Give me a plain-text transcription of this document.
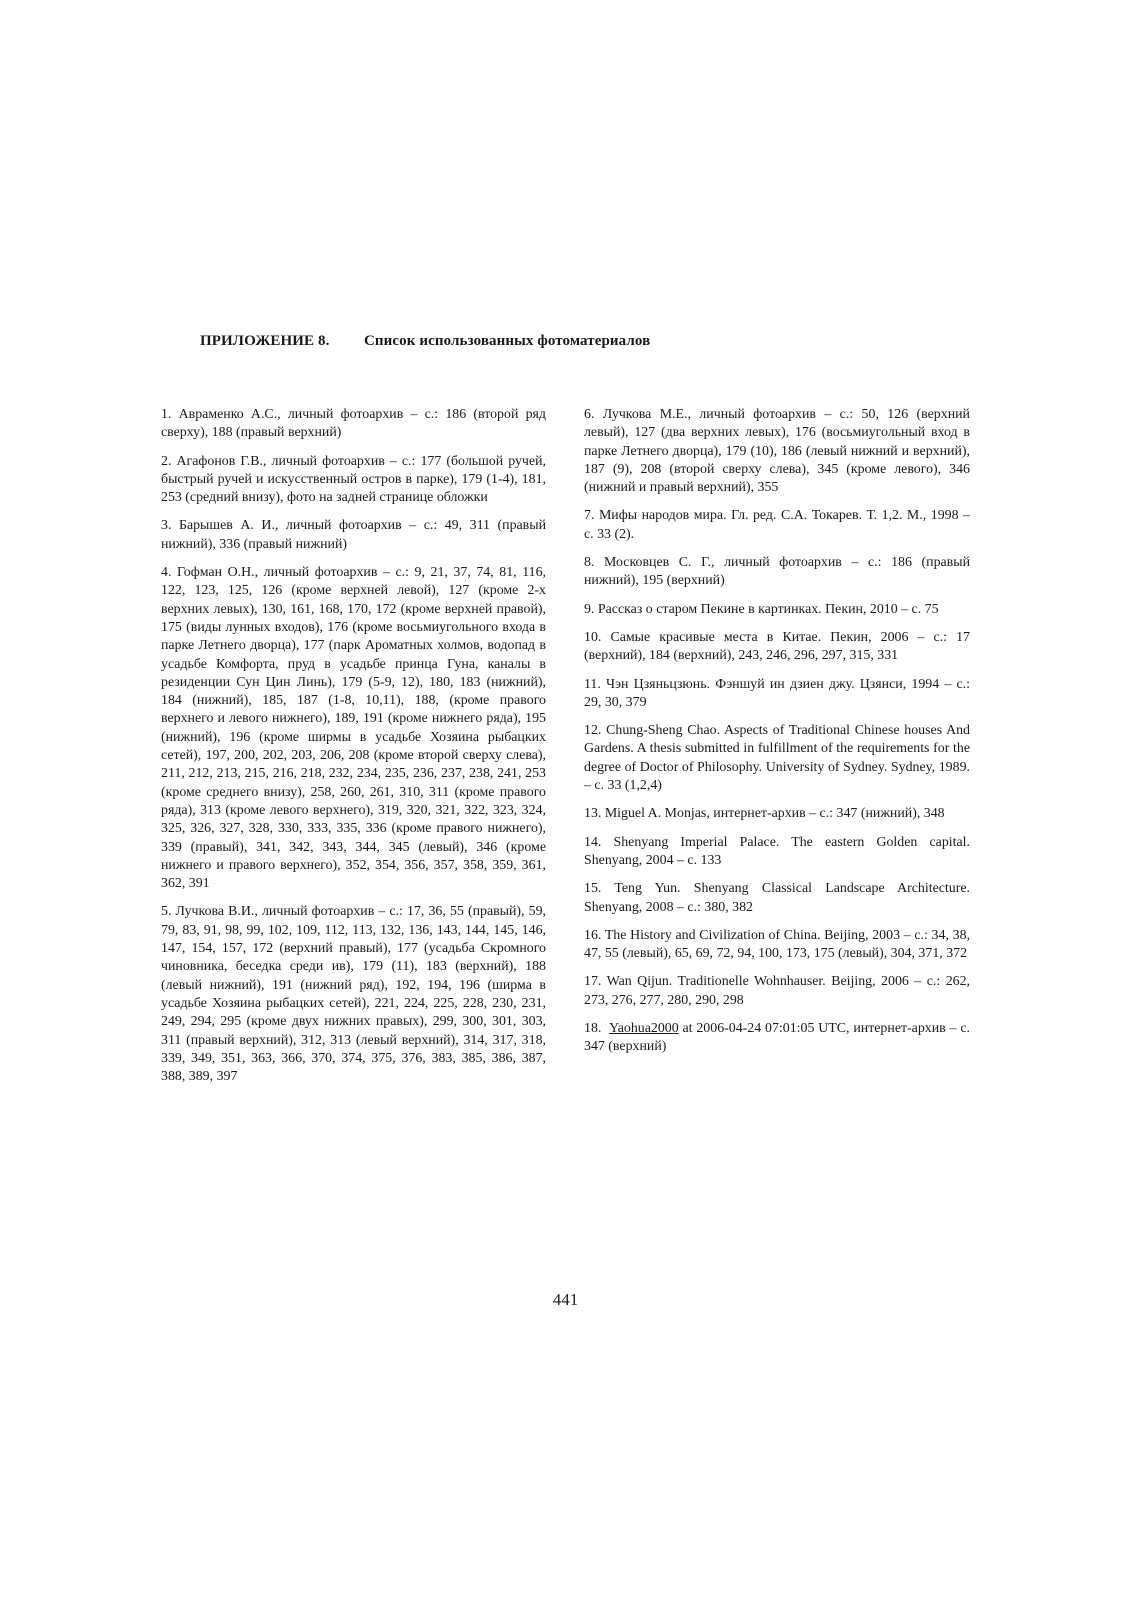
ПРИЛОЖЕНИЕ 8. Список использованных фотоматериалов

1. Авраменко А.С., личный фотоархив – с.: 186 (второй ряд сверху), 188 (правый верхний)

2. Агафонов Г.В., личный фотоархив – с.: 177 (большой ручей, быстрый ручей и искусственный остров в парке), 179 (1-4), 181, 253 (средний внизу), фото на задней странице обложки

3. Барышев А. И., личный фотоархив – с.: 49, 311 (правый нижний), 336 (правый нижний)

4. Гофман О.Н., личный фотоархив – с.: 9, 21, 37, 74, 81, 116, 122, 123, 125, 126 (кроме верхней левой), 127 (кроме 2-х верхних левых), 130, 161, 168, 170, 172 (кроме верхней правой), 175 (виды лунных входов), 176 (кроме восьмиугольного входа в парке Летнего дворца), 177 (парк Ароматных холмов, водопад в усадьбе Комфорта, пруд в усадьбе принца Гуна, каналы в резиденции Сун Цин Линь), 179 (5-9, 12), 180, 183 (нижний), 184 (нижний), 185, 187 (1-8, 10,11), 188, (кроме правого верхнего и левого нижнего), 189, 191 (кроме нижнего ряда), 195 (нижний), 196 (кроме ширмы в усадьбе Хозяина рыбацких сетей), 197, 200, 202, 203, 206, 208 (кроме второй сверху слева), 211, 212, 213, 215, 216, 218, 232, 234, 235, 236, 237, 238, 241, 253 (кроме среднего внизу), 258, 260, 261, 310, 311 (кроме правого ряда), 313 (кроме левого верхнего), 319, 320, 321, 322, 323, 324, 325, 326, 327, 328, 330, 333, 335, 336 (кроме правого нижнего), 339 (правый), 341, 342, 343, 344, 345 (левый), 346 (кроме нижнего и правого верхнего), 352, 354, 356, 357, 358, 359, 361, 362, 391

5. Лучкова В.И., личный фотоархив – с.: 17, 36, 55 (правый), 59, 79, 83, 91, 98, 99, 102, 109, 112, 113, 132, 136, 143, 144, 145, 146, 147, 154, 157, 172 (верхний правый), 177 (усадьба Скромного чиновника, беседка среди ив), 179 (11), 183 (верхний), 188 (левый нижний), 191 (нижний ряд), 192, 194, 196 (ширма в усадьбе Хозяина рыбацких сетей), 221, 224, 225, 228, 230, 231, 249, 294, 295 (кроме двух нижних правых), 299, 300, 301, 303, 311 (правый верхний), 312, 313 (левый верхний), 314, 317, 318, 339, 349, 351, 363, 366, 370, 374, 375, 376, 383, 385, 386, 387, 388, 389, 397

6. Лучкова М.Е., личный фотоархив – с.: 50, 126 (верхний левый), 127 (два верхних левых), 176 (восьмиугольный вход в парке Летнего дворца), 179 (10), 186 (левый нижний и верхний), 187 (9), 208 (второй сверху слева), 345 (кроме левого), 346 (нижний и правый верхний), 355

7. Мифы народов мира. Гл. ред. С.А. Токарев. Т. 1,2. М., 1998 – с. 33 (2).

8. Московцев С. Г., личный фотоархив – с.: 186 (правый нижний), 195 (верхний)

9. Рассказ о старом Пекине в картинках. Пекин, 2010 – с. 75

10. Самые красивые места в Китае. Пекин, 2006 – с.: 17 (верхний), 184 (верхний), 243, 246, 296, 297, 315, 331

11. Чэн Цзяньцзюнь. Фэншуй ин дзиен джу. Цзянси, 1994 – с.: 29, 30, 379

12. Chung-Sheng Chao. Aspects of Traditional Chinese houses And Gardens. A thesis submitted in fulfillment of the requirements for the degree of Doctor of Philosophy. University of Sydney. Sydney, 1989. – с. 33 (1,2,4)

13. Miguel A. Monjas, интернет-архив – с.: 347 (нижний), 348

14. Shenyang Imperial Palace. The eastern Golden capital. Shenyang, 2004 – с. 133

15. Teng Yun. Shenyang Classical Landscape Architecture. Shenyang, 2008 – с.: 380, 382

16. The History and Civilization of China. Beijing, 2003 – с.: 34, 38, 47, 55 (левый), 65, 69, 72, 94, 100, 173, 175 (левый), 304, 371, 372

17. Wan Qijun. Traditionelle Wohnhauser. Beijing, 2006 – с.: 262, 273, 276, 277, 280, 290, 298

18. Yaohua2000 at 2006-04-24 07:01:05 UTC, интернет-архив – с. 347 (верхний)

441
